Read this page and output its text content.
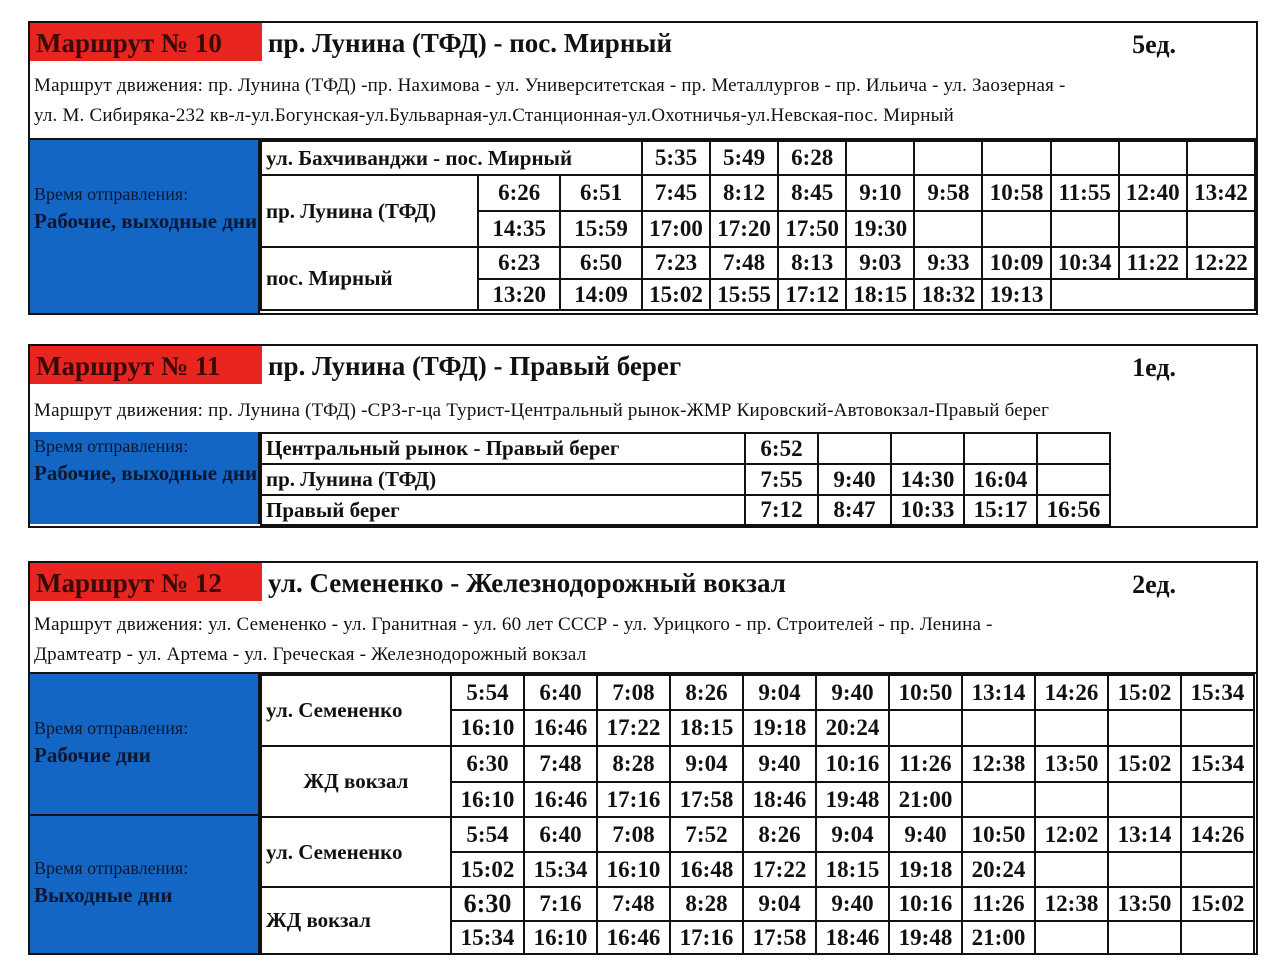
Маршрут № 10	пр. Лунина (ТФД) - пос. Мирный	5ед.
Маршрут движения: пр. Лунина (ТФД) -пр. Нахимова - ул. Университетская - пр. Металлургов - пр. Ильича - ул. Заозерная -
ул. М. Сибиряка-232 кв-л-ул.Богунская-ул.Бульварная-ул.Станционная-ул.Охотничья-ул.Невская-пос. Мирный
Время отправления:
Рабочие, выходные дни
ул. Бахчиванджи - пос. Мирный			5:35	5:49	6:28						
пр. Лунина (ТФД)	6:26	6:51	7:45	8:12	8:45	9:10	9:58	10:58	11:55	12:40	13:42
	14:35	15:59	17:00	17:20	17:50	19:30					
пос. Мирный	6:23	6:50	7:23	7:48	8:13	9:03	9:33	10:09	10:34	11:22	12:22
	13:20	14:09	15:02	15:55	17:12	18:15	18:32	19:13			
Маршрут № 11	пр. Лунина (ТФД) - Правый берег	1ед.
Маршрут движения: пр. Лунина (ТФД) -СРЗ-г-ца Турист-Центральный рынок-ЖМР Кировский-Автовокзал-Правый берег
Время отправления:
Рабочие, выходные дни
Центральный рынок - Правый берег	6:52				
пр. Лунина (ТФД)	7:55	9:40	14:30	16:04	
Правый берег	7:12	8:47	10:33	15:17	16:56
Маршрут № 12	ул. Семененко - Железнодорожный вокзал	2ед.
Маршрут движения: ул. Семененко - ул. Гранитная - ул. 60 лет СССР - ул. Урицкого - пр. Строителей - пр. Ленина -
Драмтеатр - ул. Артема - ул. Греческая - Железнодорожный вокзал
Время отправления:
Рабочие дни
Время отправления:
Выходные дни
ул. Семененко	5:54	6:40	7:08	8:26	9:04	9:40	10:50	13:14	14:26	15:02	15:34
	16:10	16:46	17:22	18:15	19:18	20:24					
ЖД вокзал	6:30	7:48	8:28	9:04	9:40	10:16	11:26	12:38	13:50	15:02	15:34
	16:10	16:46	17:16	17:58	18:46	19:48	21:00				
ул. Семененко	5:54	6:40	7:08	7:52	8:26	9:04	9:40	10:50	12:02	13:14	14:26
	15:02	15:34	16:10	16:48	17:22	18:15	19:18	20:24			
ЖД вокзал	6:30	7:16	7:48	8:28	9:04	9:40	10:16	11:26	12:38	13:50	15:02
	15:34	16:10	16:46	17:16	17:58	18:46	19:48	21:00			
